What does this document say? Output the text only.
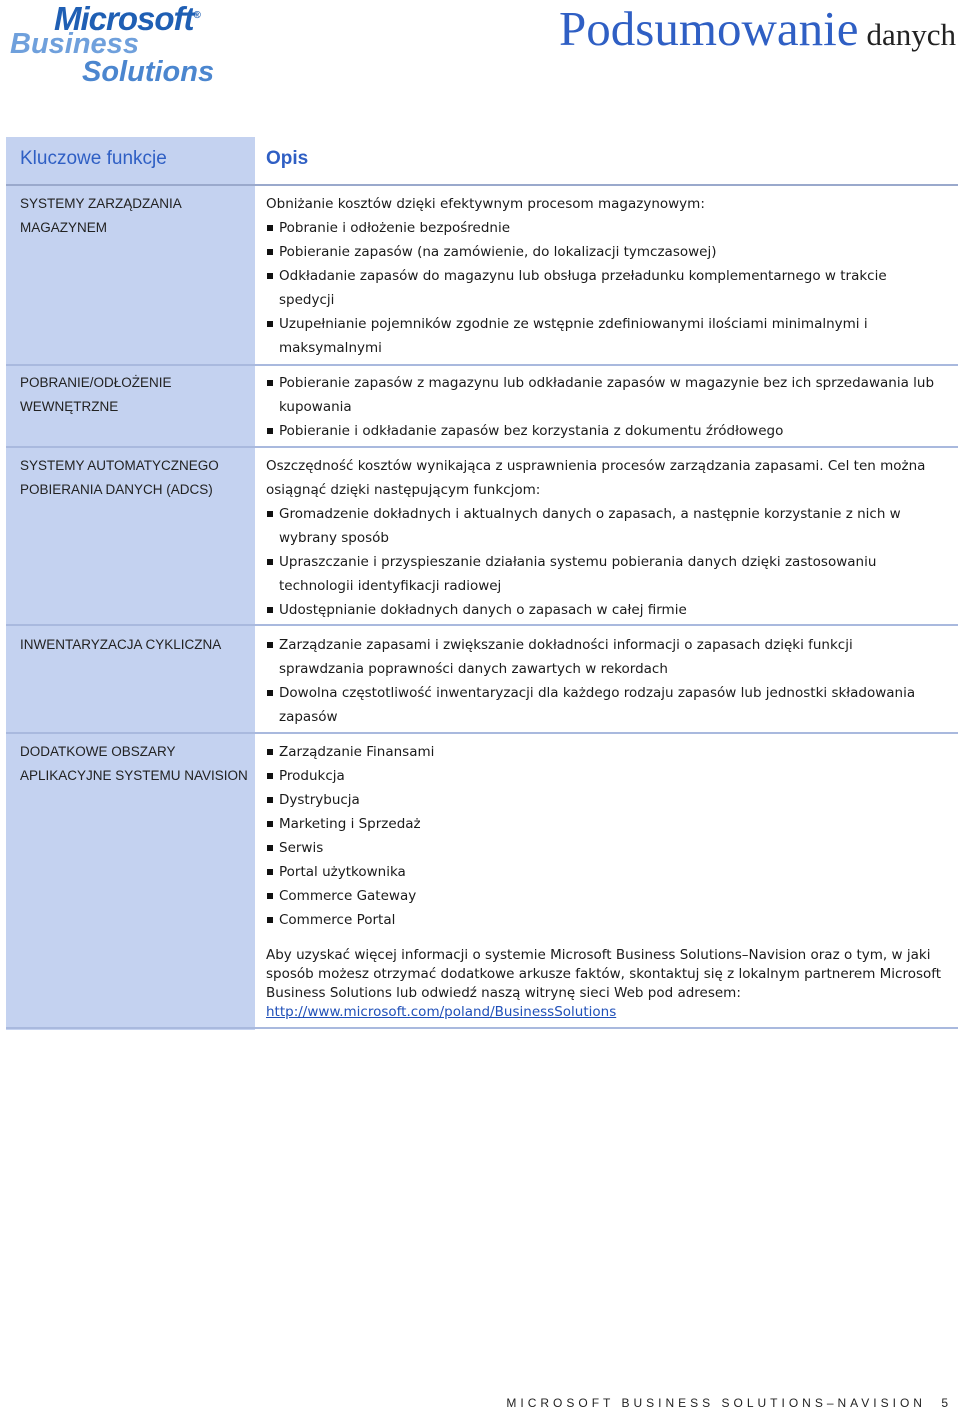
Microsoft®
Business
Solutions
Podsumowanie danych
Kluczowe funkcje	Opis
SYSTEMY ZARZĄDZANIA
MAGAZYNEM

Obniżanie kosztów dzięki efektywnym procesom magazynowym:

Pobranie i odłożenie bezpośrednie
Pobieranie zapasów (na zamówienie, do lokalizacji tymczasowej)
Odkładanie zapasów do magazynu lub obsługa przeładunku komplementarnego w trakcie spedycji
Uzupełnianie pojemników zgodnie ze wstępnie zdefiniowanymi ilościami minimalnymi i maksymalnymi
POBRANIE/ODŁOŻENIE
WEWNĘTRZNE
Pobieranie zapasów z magazynu lub odkładanie zapasów w magazynie bez ich sprzedawania lub kupowania
Pobieranie i odkładanie zapasów bez korzystania z dokumentu źródłowego
SYSTEMY AUTOMATYCZNEGO
POBIERANIA DANYCH (ADCS)

Oszczędność kosztów wynikająca z usprawnienia procesów zarządzania zapasami. Cel ten można osiągnąć dzięki następującym funkcjom:

Gromadzenie dokładnych i aktualnych danych o zapasach, a następnie korzystanie z nich w wybrany sposób
Upraszczanie i przyspieszanie działania systemu pobierania danych dzięki zastosowaniu technologii identyfikacji radiowej
Udostępnianie dokładnych danych o zapasach w całej firmie
INWENTARYZACJA CYKLICZNA	Zarządzanie zapasami i zwiększanie dokładności informacji o zapasach dzięki funkcji sprawdzania poprawności danych zawartych w rekordach
Dowolna częstotliwość inwentaryzacji dla każdego rodzaju zapasów lub jednostki składowania zapasów
DODATKOWE OBSZARY
APLIKACYJNE SYSTEMU NAVISION
Zarządzanie Finansami
Produkcja
Dystrybucja
Marketing i Sprzedaż
Serwis
Portal użytkownika
Commerce Gateway
Commerce Portal
Aby uzyskać więcej informacji o systemie Microsoft Business Solutions–Navision oraz o tym, w jaki sposób możesz otrzymać dodatkowe arkusze faktów, skontaktuj się z lokalnym partnerem Microsoft Business Solutions lub odwiedź naszą witrynę sieci Web pod adresem:
http://www.microsoft.com/poland/BusinessSolutions
MICROSOFT BUSINESS SOLUTIONS–NAVISION 5
